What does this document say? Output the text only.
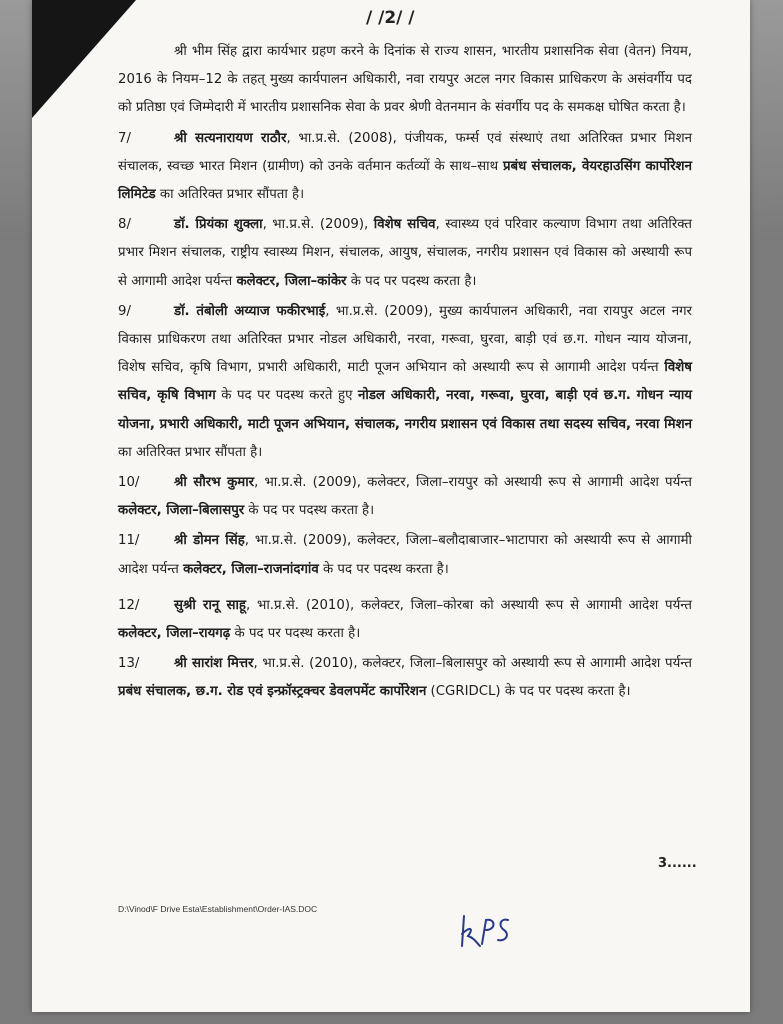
/ /2/ /

श्री भीम सिंह द्वारा कार्यभार ग्रहण करने के दिनांक से राज्य शासन, भारतीय प्रशासनिक सेवा (वेतन) नियम, 2016 के नियम–12 के तहत् मुख्य कार्यपालन अधिकारी, नवा रायपुर अटल नगर विकास प्राधिकरण के असंवर्गीय पद को प्रतिष्ठा एवं जिम्मेदारी में भारतीय प्रशासनिक सेवा के प्रवर श्रेणी वेतनमान के संवर्गीय पद के समकक्ष घोषित करता है।

7/	श्री सत्यनारायण राठौर, भा.प्र.से. (2008), पंजीयक, फर्म्स एवं संस्थाएं तथा अतिरिक्त प्रभार मिशन संचालक, स्वच्छ भारत मिशन (ग्रामीण) को उनके वर्तमान कर्तव्यों के साथ–साथ प्रबंध संचालक, वेयरहाउसिंग कार्पोरेशन लिमिटेड का अतिरिक्त प्रभार सौंपता है।

8/	डॉ. प्रियंका शुक्ला, भा.प्र.से. (2009), विशेष सचिव, स्वास्थ्य एवं परिवार कल्याण विभाग तथा अतिरिक्त प्रभार मिशन संचालक, राष्ट्रीय स्वास्थ्य मिशन, संचालक, आयुष, संचालक, नगरीय प्रशासन एवं विकास को अस्थायी रूप से आगामी आदेश पर्यन्त कलेक्टर, जिला–कांकेर के पद पर पदस्थ करता है।

9/	डॉ. तंबोली अय्याज फकीरभाई, भा.प्र.से. (2009), मुख्य कार्यपालन अधिकारी, नवा रायपुर अटल नगर विकास प्राधिकरण तथा अतिरिक्त प्रभार नोडल अधिकारी, नरवा, गरूवा, घुरवा, बाड़ी एवं छ.ग. गोधन न्याय योजना, विशेष सचिव, कृषि विभाग, प्रभारी अधिकारी, माटी पूजन अभियान को अस्थायी रूप से आगामी आदेश पर्यन्त विशेष सचिव, कृषि विभाग के पद पर पदस्थ करते हुए नोडल अधिकारी, नरवा, गरूवा, घुरवा, बाड़ी एवं छ.ग. गोधन न्याय योजना, प्रभारी अधिकारी, माटी पूजन अभियान, संचालक, नगरीय प्रशासन एवं विकास तथा सदस्य सचिव, नरवा मिशन का अतिरिक्त प्रभार सौंपता है।

10/	श्री सौरभ कुमार, भा.प्र.से. (2009), कलेक्टर, जिला–रायपुर को अस्थायी रूप से आगामी आदेश पर्यन्त कलेक्टर, जिला–बिलासपुर के पद पर पदस्थ करता है।

11/	श्री डोमन सिंह, भा.प्र.से. (2009), कलेक्टर, जिला–बलौदाबाजार–भाटापारा को अस्थायी रूप से आगामी आदेश पर्यन्त कलेक्टर, जिला–राजनांदगांव के पद पर पदस्थ करता है।

12/	सुश्री रानू साहू, भा.प्र.से. (2010), कलेक्टर, जिला–कोरबा को अस्थायी रूप से आगामी आदेश पर्यन्त कलेक्टर, जिला–रायगढ़ के पद पर पदस्थ करता है।

13/	श्री सारांश मित्तर, भा.प्र.से. (2010), कलेक्टर, जिला–बिलासपुर को अस्थायी रूप से आगामी आदेश पर्यन्त प्रबंध संचालक, छ.ग. रोड एवं इन्फ्रॉस्ट्रक्चर डेवलपमेंट कार्पोरेशन (CGRIDCL) के पद पर पदस्थ करता है।

3......
D:\Vinod\F Drive Esta\Establishment\Order-IAS.DOC
